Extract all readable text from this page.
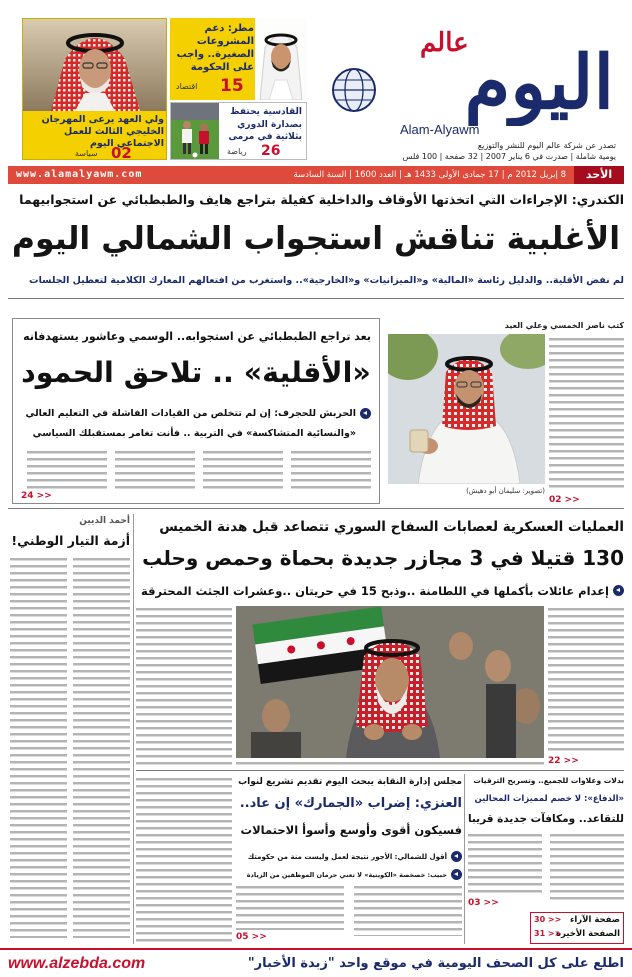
ولي العهد يرعى المهرجان الخليجي الثالث للعمل الاجتماعي اليوم
02
سياسة
مطر: دعم المشروعات الصغيرة.. واجب على الحكومة
15
اقتصاد
القادسية يحتفظ بصدارة الدوري بثلاثية في مرمى
26
رياضة
عالم
اليوم
Alam-Alyawm
تصدر عن شركة عالم اليوم للنشر والتوزيع
يومية شاملة | صدرت في 6 يناير 2007 | 32 صفحة | 100 فلس
الأحد
8 إبريل 2012 م | 17 جمادى الأولى 1433 هـ | العدد 1600 | السنة السادسة
www.alamalyawm.com
الكندري: الإجراءات التي اتخذتها الأوقاف والداخلية كفيلة بتراجع هايف والطبطبائي عن استجوابيهما
الأغلبية تناقش استجواب الشمالي اليوم
لم نفض الأقلية.. والدليل رئاسة «المالية» و«الميزانيات» و«الخارجية».. واستغرب من افتعالهم المعارك الكلامية لتعطيل الجلسات
بعد تراجع الطبطبائي عن استجوابه.. الوسمي وعاشور يستهدفانه
«الأقلية» .. تلاحق الحمود
الحربش للحجرف: إن لم تتخلص من القيادات الفاشلة في التعليم العالي
«والنسائية المتشاكسة» في التربية .. فأنت تغامر بمستقبلك السياسي
24 >>
كتب ناصر الخمسي وعلي العيد
(تصوير: سليمان أبو دهيش)
02 >>
أحمد الديين
أزمة التيار الوطني!
العمليات العسكرية لعصابات السفاح السوري تتصاعد قبل هدنة الخميس
130 قتيلا في 3 مجازر جديدة بحماة وحمص وحلب
إعدام عائلات بأكملها في اللطامنة ..وذبح 15 في حريتان ..وعشرات الجثث المحترقة
22 >>
مجلس إدارة النقابة يبحث اليوم تقديم تشريع لنواب
العنزي: إضراب «الجمارك» إن عاد..
فسيكون أقوى وأوسع وأسوأ الاحتمالات
أقول للشمالي: الأجور نتيجة لعمل وليست منة من حكومتك
حبيب: خصخصة «الكويتية» لا تعني حرمان الموظفين من الزيادة
05 >>
بدلات وعلاوات للجميع.. وتسريح الترقيات
«الدفاع»: لا خصم لمميزات المحالين
للتقاعد.. ومكافآت جديدة قريبا
03 >>
صفحة الآراء
30 >>
الصفحة الأخيرة
31 >>
www.alzebda.com	اطلع على كل الصحف اليومية في موقع واحد "زبدة الأخبار"
